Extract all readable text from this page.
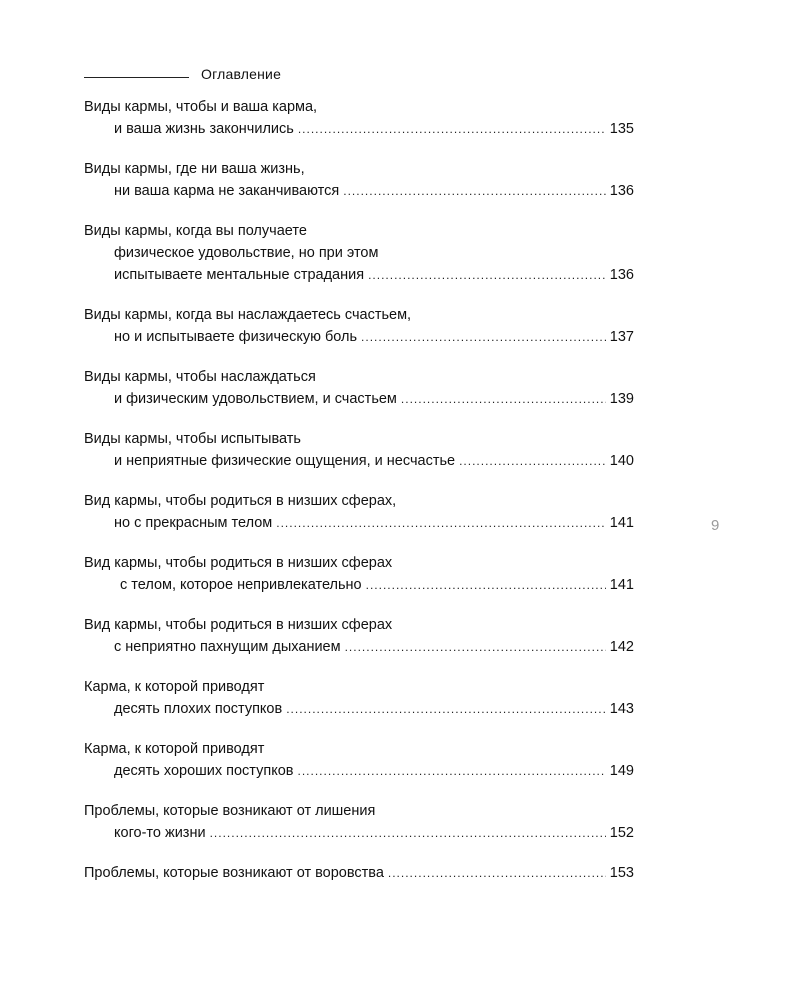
Оглавление
Виды кармы, чтобы и ваша карма,
и ваша жизнь закончились .....	135
Виды кармы, где ни ваша жизнь,
ни ваша карма не заканчиваются .....	136
Виды кармы, когда вы получаете
физическое удовольствие, но при этом
испытываете ментальные страдания .....	136
Виды кармы, когда вы наслаждаетесь счастьем,
но и испытываете физическую боль .....	137
Виды кармы, чтобы наслаждаться
и физическим удовольствием, и счастьем .....	139
Виды кармы, чтобы испытывать
и неприятные физические ощущения, и несчастье .....	140
Вид кармы, чтобы родиться в низших сферах,
но с прекрасным телом .....	141
Вид кармы, чтобы родиться в низших сферах
с телом, которое непривлекательно .....	141
Вид кармы, чтобы родиться в низших сферах
с неприятно пахнущим дыханием .....	142
Карма, к которой приводят
десять плохих поступков .....	143
Карма, к которой приводят
десять хороших поступков .....	149
Проблемы, которые возникают от лишения
кого-то жизни .....	152
Проблемы, которые возникают от воровства .....	153
9
